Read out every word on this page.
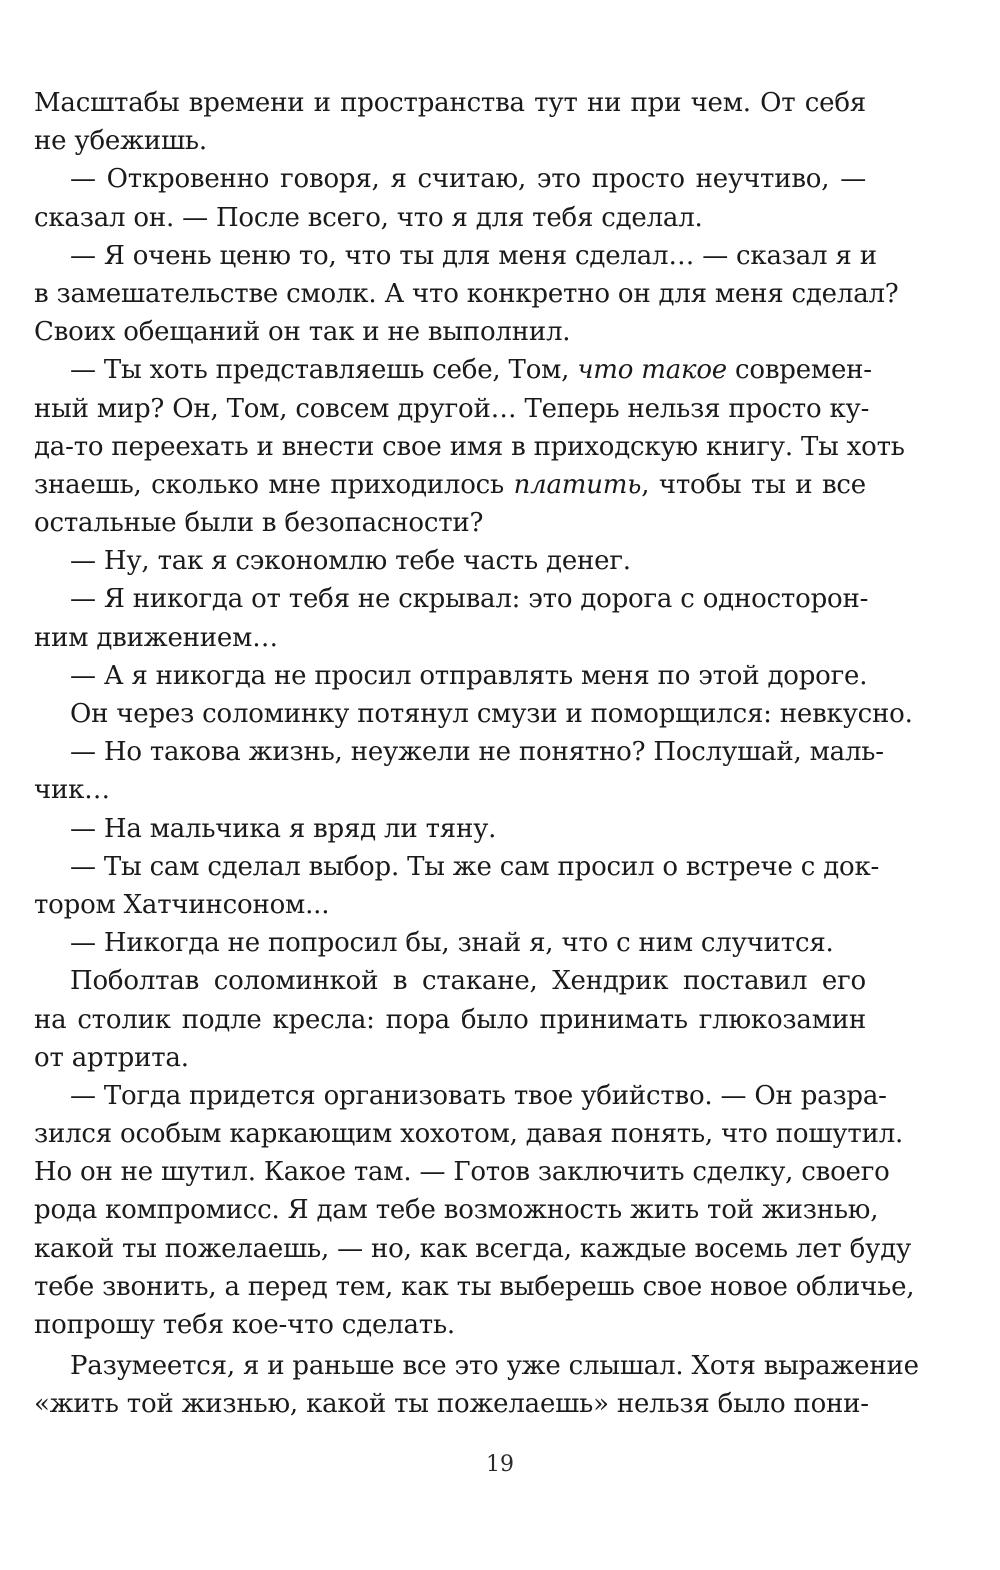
Масштабы времени и пространства тут ни при чем. От себя
не убежишь.
— Откровенно говоря, я считаю, это просто неучтиво, —
сказал он. — После всего, что я для тебя сделал.
— Я очень ценю то, что ты для меня сделал… — сказал я и
в замешательстве смолк. А что конкретно он для меня сделал?
Своих обещаний он так и не выполнил.
— Ты хоть представляешь себе, Том, что такое современ-
ный мир? Он, Том, совсем другой… Теперь нельзя просто ку-
да-то переехать и внести свое имя в приходскую книгу. Ты хоть
знаешь, сколько мне приходилось платить, чтобы ты и все
остальные были в безопасности?
— Ну, так я сэкономлю тебе часть денег.
— Я никогда от тебя не скрывал: это дорога с односторон-
ним движением…
— А я никогда не просил отправлять меня по этой дороге.
Он через соломинку потянул смузи и поморщился: невкусно.
— Но такова жизнь, неужели не понятно? Послушай, маль-
чик…
— На мальчика я вряд ли тяну.
— Ты сам сделал выбор. Ты же сам просил о встрече с док-
тором Хатчинсоном...
— Никогда не попросил бы, знай я, что с ним случится.
Поболтав соломинкой в стакане, Хендрик поставил его
на столик подле кресла: пора было принимать глюкозамин
от артрита.
— Тогда придется организовать твое убийство. — Он разра-
зился особым каркающим хохотом, давая понять, что пошутил.
Но он не шутил. Какое там. — Готов заключить сделку, своего
рода компромисс. Я дам тебе возможность жить той жизнью,
какой ты пожелаешь, — но, как всегда, каждые восемь лет буду
тебе звонить, а перед тем, как ты выберешь свое новое обличье,
попрошу тебя кое-что сделать.
Разумеется, я и раньше все это уже слышал. Хотя выражение
«жить той жизнью, какой ты пожелаешь» нельзя было пони-
19
